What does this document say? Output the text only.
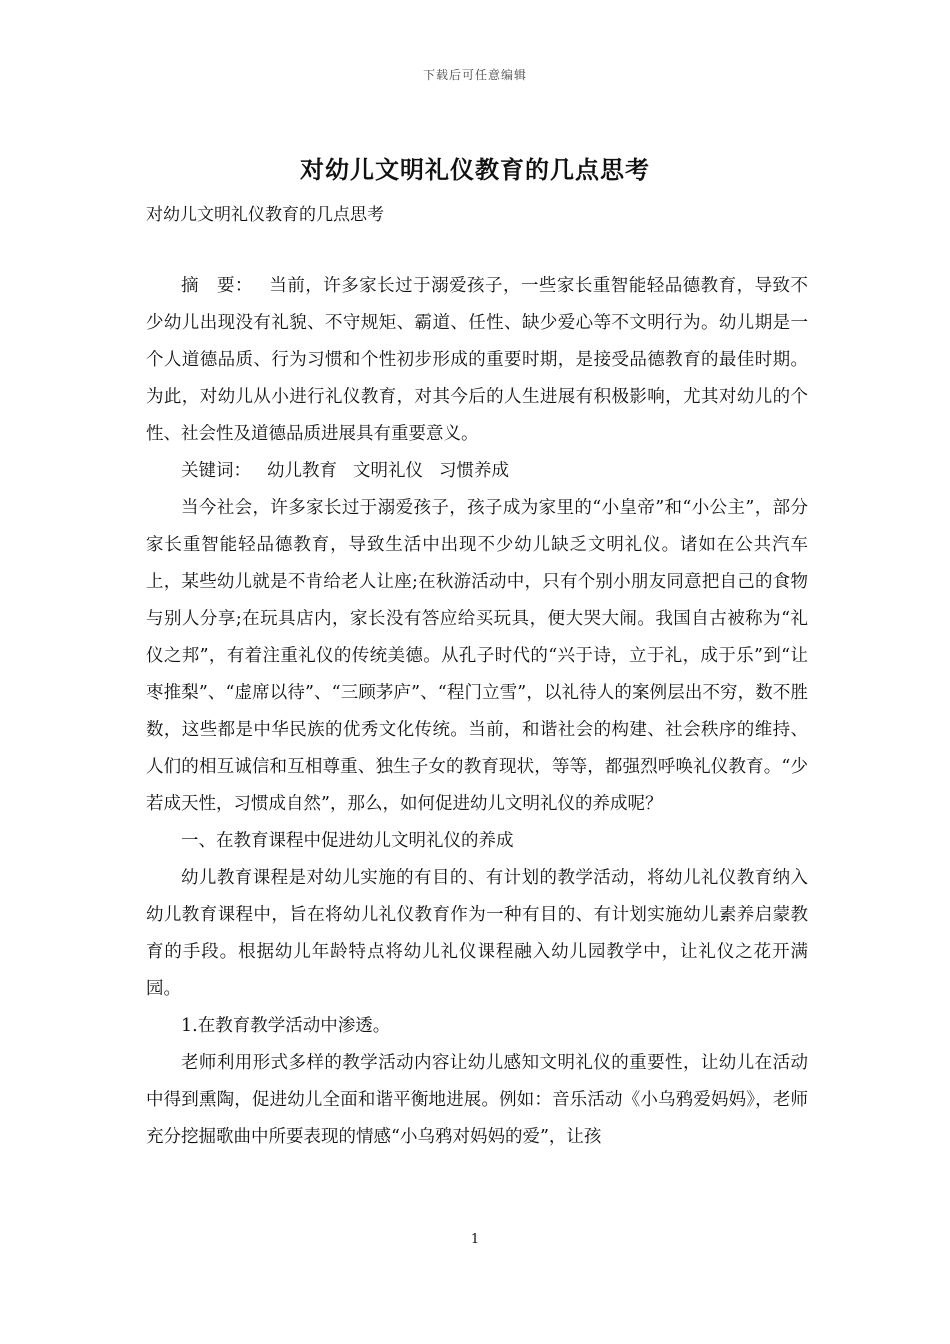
下载后可任意编辑
对幼儿文明礼仪教育的几点思考
对幼儿文明礼仪教育的几点思考

摘　要： 当前，许多家长过于溺爱孩子，一些家长重智能轻品德教育，导致不少幼儿出现没有礼貌、不守规矩、霸道、任性、缺少爱心等不文明行为。幼儿期是一个人道德品质、行为习惯和个性初步形成的重要时期，是接受品德教育的最佳时期。为此，对幼儿从小进行礼仪教育，对其今后的人生进展有积极影响，尤其对幼儿的个性、社会性及道德品质进展具有重要意义。

关键词： 幼儿教育 文明礼仪 习惯养成

当今社会，许多家长过于溺爱孩子，孩子成为家里的“小皇帝”和“小公主”，部分家长重智能轻品德教育，导致生活中出现不少幼儿缺乏文明礼仪。诸如在公共汽车上，某些幼儿就是不肯给老人让座;在秋游活动中，只有个别小朋友同意把自己的食物与别人分享;在玩具店内，家长没有答应给买玩具，便大哭大闹。我国自古被称为“礼仪之邦”，有着注重礼仪的传统美德。从孔子时代的“兴于诗，立于礼，成于乐”到“让枣推梨”、“虚席以待”、“三顾茅庐”、“程门立雪”，以礼待人的案例层出不穷，数不胜数，这些都是中华民族的优秀文化传统。当前，和谐社会的构建、社会秩序的维持、人们的相互诚信和互相尊重、独生子女的教育现状，等等，都强烈呼唤礼仪教育。“少若成天性，习惯成自然”，那么，如何促进幼儿文明礼仪的养成呢？

一、在教育课程中促进幼儿文明礼仪的养成

幼儿教育课程是对幼儿实施的有目的、有计划的教学活动，将幼儿礼仪教育纳入幼儿教育课程中，旨在将幼儿礼仪教育作为一种有目的、有计划实施幼儿素养启蒙教育的手段。根据幼儿年龄特点将幼儿礼仪课程融入幼儿园教学中，让礼仪之花开满园。

1.在教育教学活动中渗透。

老师利用形式多样的教学活动内容让幼儿感知文明礼仪的重要性，让幼儿在活动中得到熏陶，促进幼儿全面和谐平衡地进展。例如：音乐活动《小乌鸦爱妈妈》，老师充分挖掘歌曲中所要表现的情感“小乌鸦对妈妈的爱”，让孩

1
